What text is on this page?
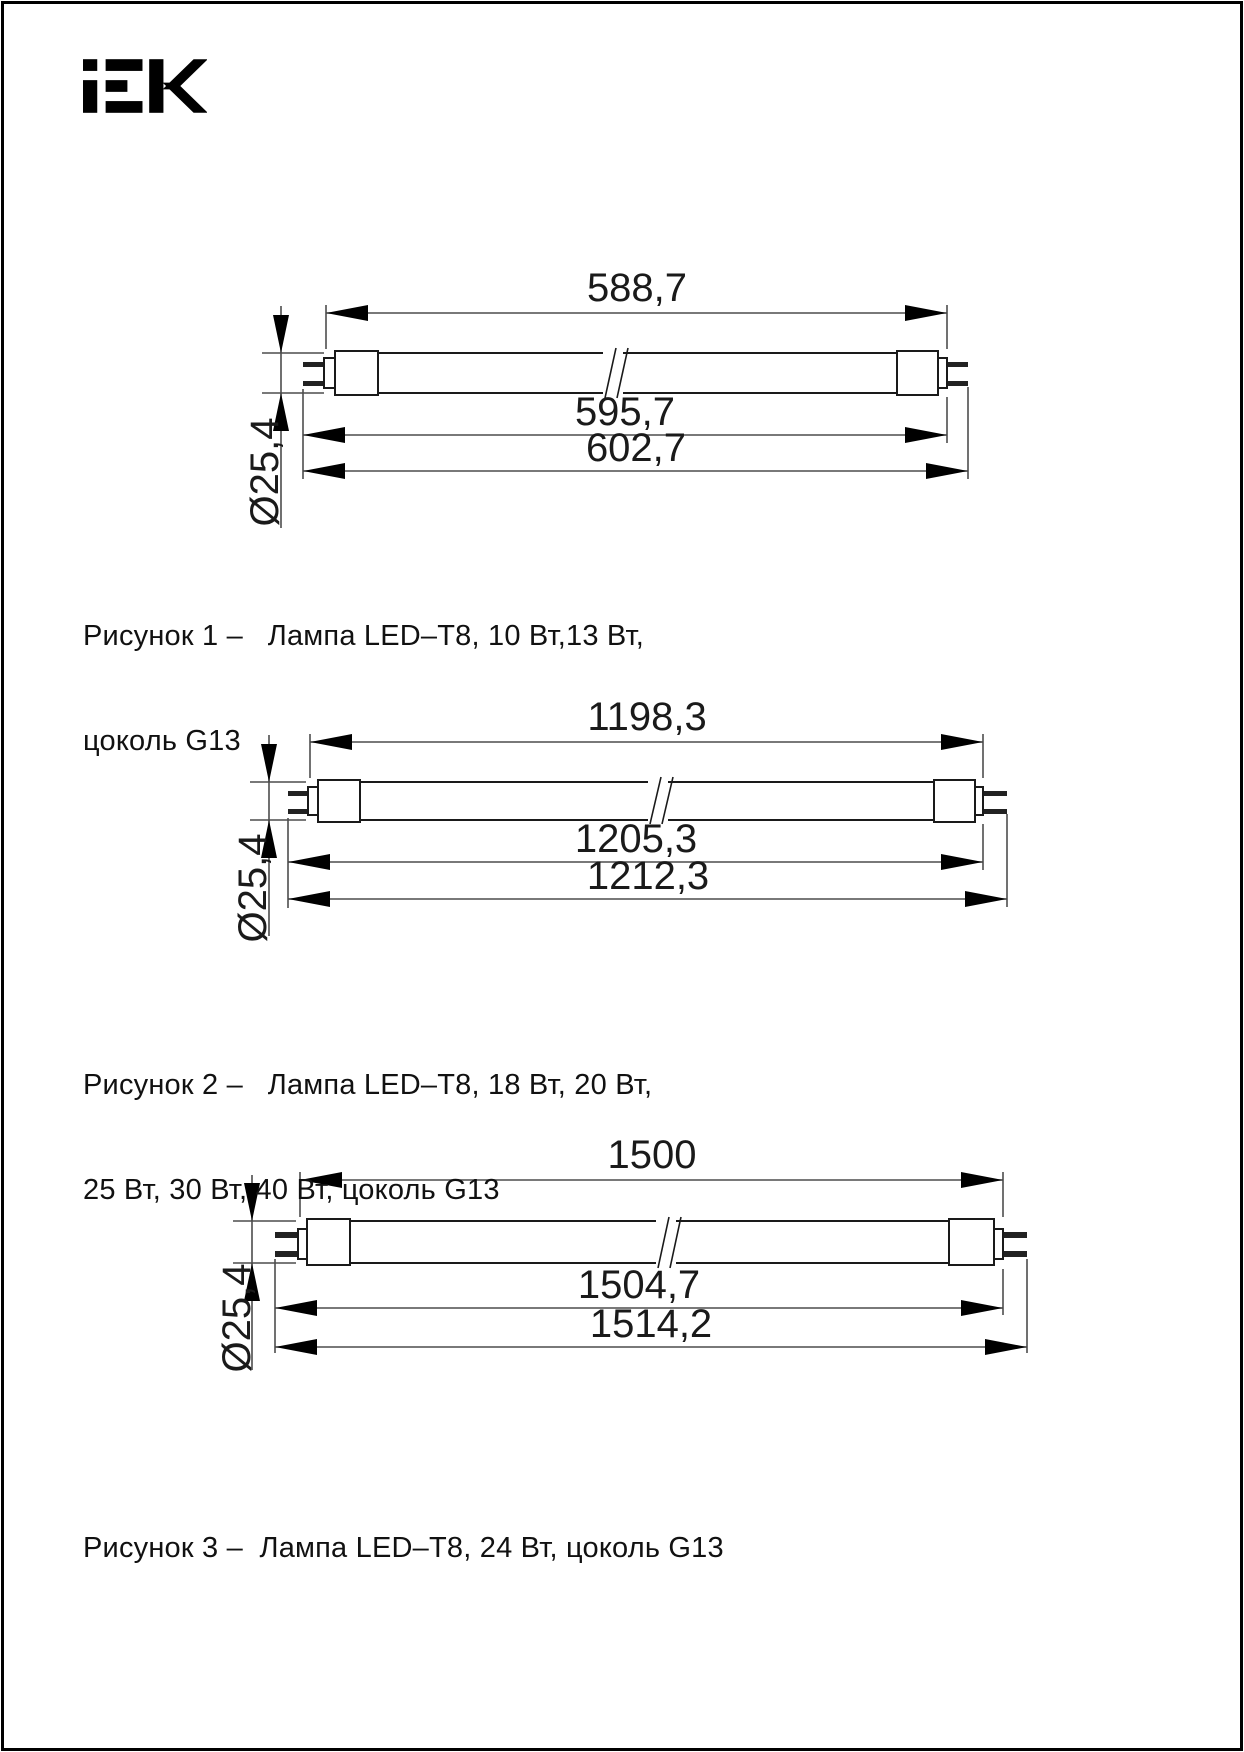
588,7
595,7
602,7
Ø25,4
1198,3
1205,3
1212,3
Ø25,4
1500
1504,7
1514,2
Ø25,4

Рисунок 1 –   Лампа LED–T8, 10 Вт,13 Вт,

цоколь G13

Рисунок 2 –   Лампа LED–T8, 18 Вт, 20 Вт,

25 Вт, 30 Вт, 40 Вт, цоколь G13

Рисунок 3 –  Лампа LED–T8, 24 Вт, цоколь G13
